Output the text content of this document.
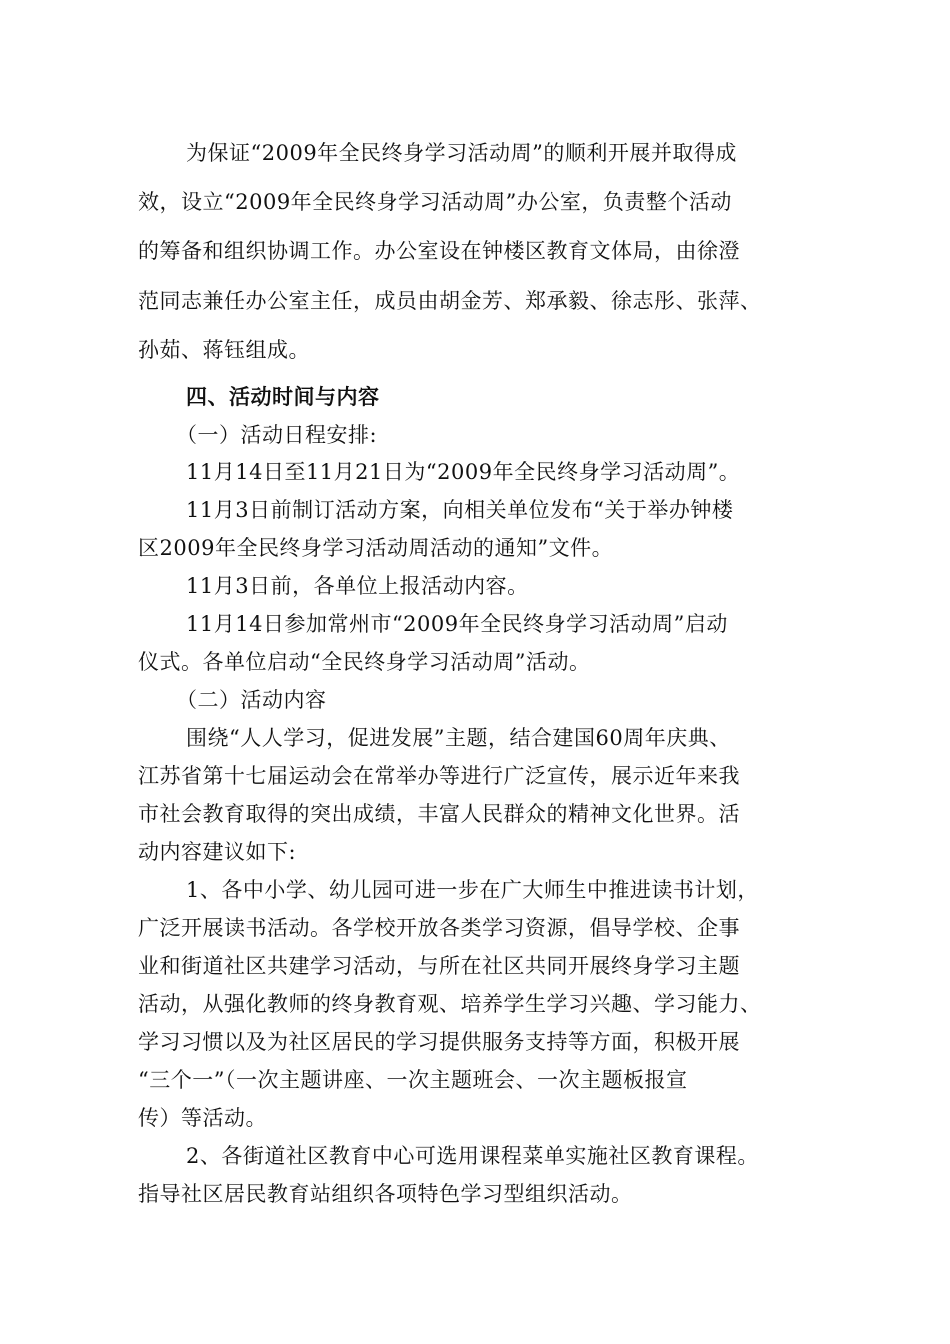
为保证“2009年全民终身学习活动周”的顺利开展并取得成
效，设立“2009年全民终身学习活动周”办公室，负责整个活动
的筹备和组织协调工作。办公室设在钟楼区教育文体局，由徐澄
范同志兼任办公室主任，成员由胡金芳、郑承毅、徐志彤、张萍、
孙茹、蒋钰组成。
四、活动时间与内容
（一）活动日程安排:
11月14日至11月21日为“2009年全民终身学习活动周”。
11月3日前制订活动方案，向相关单位发布“关于举办钟楼
区2009年全民终身学习活动周活动的通知”文件。
11月3日前，各单位上报活动内容。
11月14日参加常州市“2009年全民终身学习活动周”启动
仪式。各单位启动“全民终身学习活动周”活动。
（二）活动内容
围绕“人人学习，促进发展”主题，结合建国60周年庆典、
江苏省第十七届运动会在常举办等进行广泛宣传，展示近年来我
市社会教育取得的突出成绩，丰富人民群众的精神文化世界。活
动内容建议如下:
1、各中小学、幼儿园可进一步在广大师生中推进读书计划，
广泛开展读书活动。各学校开放各类学习资源，倡导学校、企事
业和街道社区共建学习活动，与所在社区共同开展终身学习主题
活动，从强化教师的终身教育观、培养学生学习兴趣、学习能力、
学习习惯以及为社区居民的学习提供服务支持等方面，积极开展
“三个一”（一次主题讲座、一次主题班会、一次主题板报宣
传）等活动。
2、各街道社区教育中心可选用课程菜单实施社区教育课程。
指导社区居民教育站组织各项特色学习型组织活动。
